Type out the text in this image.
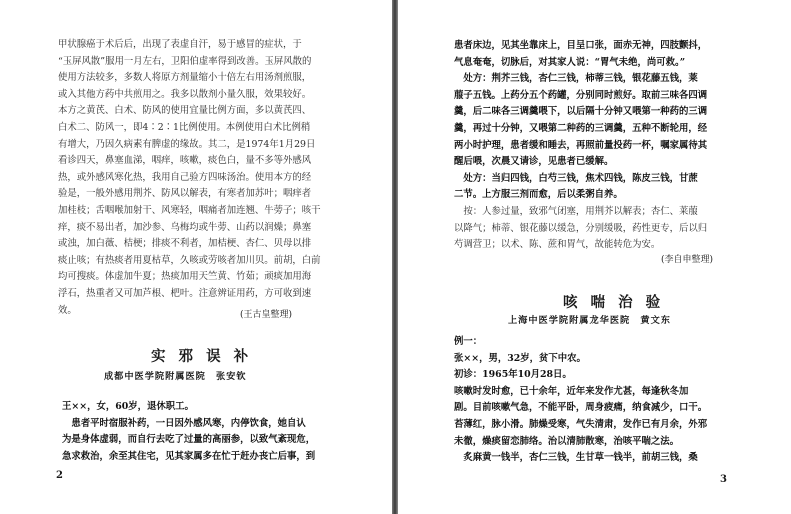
甲状腺癌于术后后，出现了表虚自汗，易于感冒的症状，于
“玉屏风散”服用一月左右，卫阳伯虚率得到改善。玉屏风散的
使用方法较多，多数人将原方剂量缩小十倍左右用汤剂煎服，
或入其他方药中共煎用之。我多以散剂小量久服，效果较好。
本方之黄芪、白术、防风的使用宜量比例方面，多以黄芪四、
白术二、防风一，即4∶2∶1比例使用。本例使用白术比例稍
有增大，乃因久病素有脾虚的缘故。其二，是1974年1月29日
看诊四天，鼻塞血涕，咽痒，咳嗽，痰色白，量不多等外感风
热，或外感风寒化热，我用自己验方四味汤治。使用本方的经
验是，一般外感用荆芥、防风以解表，有寒者加苏叶；咽痒者
加桂枝；舌咽喉加射干、风寒轻，咽痛者加连翘、牛蒡子；咳干
痒，痰不易出者，加沙参、乌梅均或牛蒡、山药以润燥；鼻塞
或浊，加白薇、桔梗；排痰不利者，加桔梗、杏仁、贝母以排
痰止咳；有热痰者用夏枯草，久咳或劳咳者加川贝。前胡，白前
均可搜痰。体虚加牛夏；热痰加用天竺黄、竹茹；顽痰加用海
浮石，热重者又可加芦根、杷叶。注意辨证用药，方可收到速
效。	(王古皇整理)
实 邪 误 补
成都中医学院附属医院　张安钦

王××，女，60岁，退休职工。
　患者平时宿服补药，一日因外感风寒，内停饮食，她自认
为是身体虚弱，而自行去吃了过量的高丽参，以致气紊现危，
急求救治，余至其住宅，见其家属多在忙于赶办丧亡后事，到

2

患者床边，见其坐靠床上，目呈口张，面赤无神，四肢颤抖，
气息奄奄，切脉后，对其家人说：“胃气未绝，尚可救。”
　处方：荆芥三钱，杏仁三钱，柿蒂三钱，银花藤五钱，莱
菔子五钱。上药分五个药罐，分别同时煎好。取前三味各四调
羹，后二味各三调羹喂下，以后隔十分钟又喂第一种药的三调
羹，再过十分钟，又喂第二种药的三调羹，五种不断轮用，经
两小时护理，患者缓和睡去，再照前量投药一杯，嘱家属待其
醒后喂，次晨又请诊，见患者已缓解。
　处方：当归四钱，白芍三钱，焦术四钱，陈皮三钱，甘蔗
二节。上方服三剂而愈，后以柔粥自养。

　按：人参过量，致邪气闭塞，用荆芥以解表；杏仁、莱菔
以降气；柿蒂、银花藤以缓急，分别缓吸，药性更专，后以归
芍调营卫；以术、陈、蔗和胃气，故能转危为安。

(李自申整理)
咳 喘 治 验
上海中医学院附属龙华医院　黄文东

例一：
张××，男，32岁，贫下中农。
初诊：1965年10月28日。
咳嗽时发时愈，已十余年，近年来发作尤甚，每逢秋冬加
剧。目前咳嗽气急，不能平卧，周身疲痛，纳食减少，口干。
苔薄红，脉小滑。肺燥受寒，气失清肃，发作已有月余，外邪
未徹，燥痰留恋肺络。治以清肺散寒，治咳平喘之法。
　炙麻黄一钱半，杏仁三钱，生甘草一钱半，前胡三钱，桑

3
